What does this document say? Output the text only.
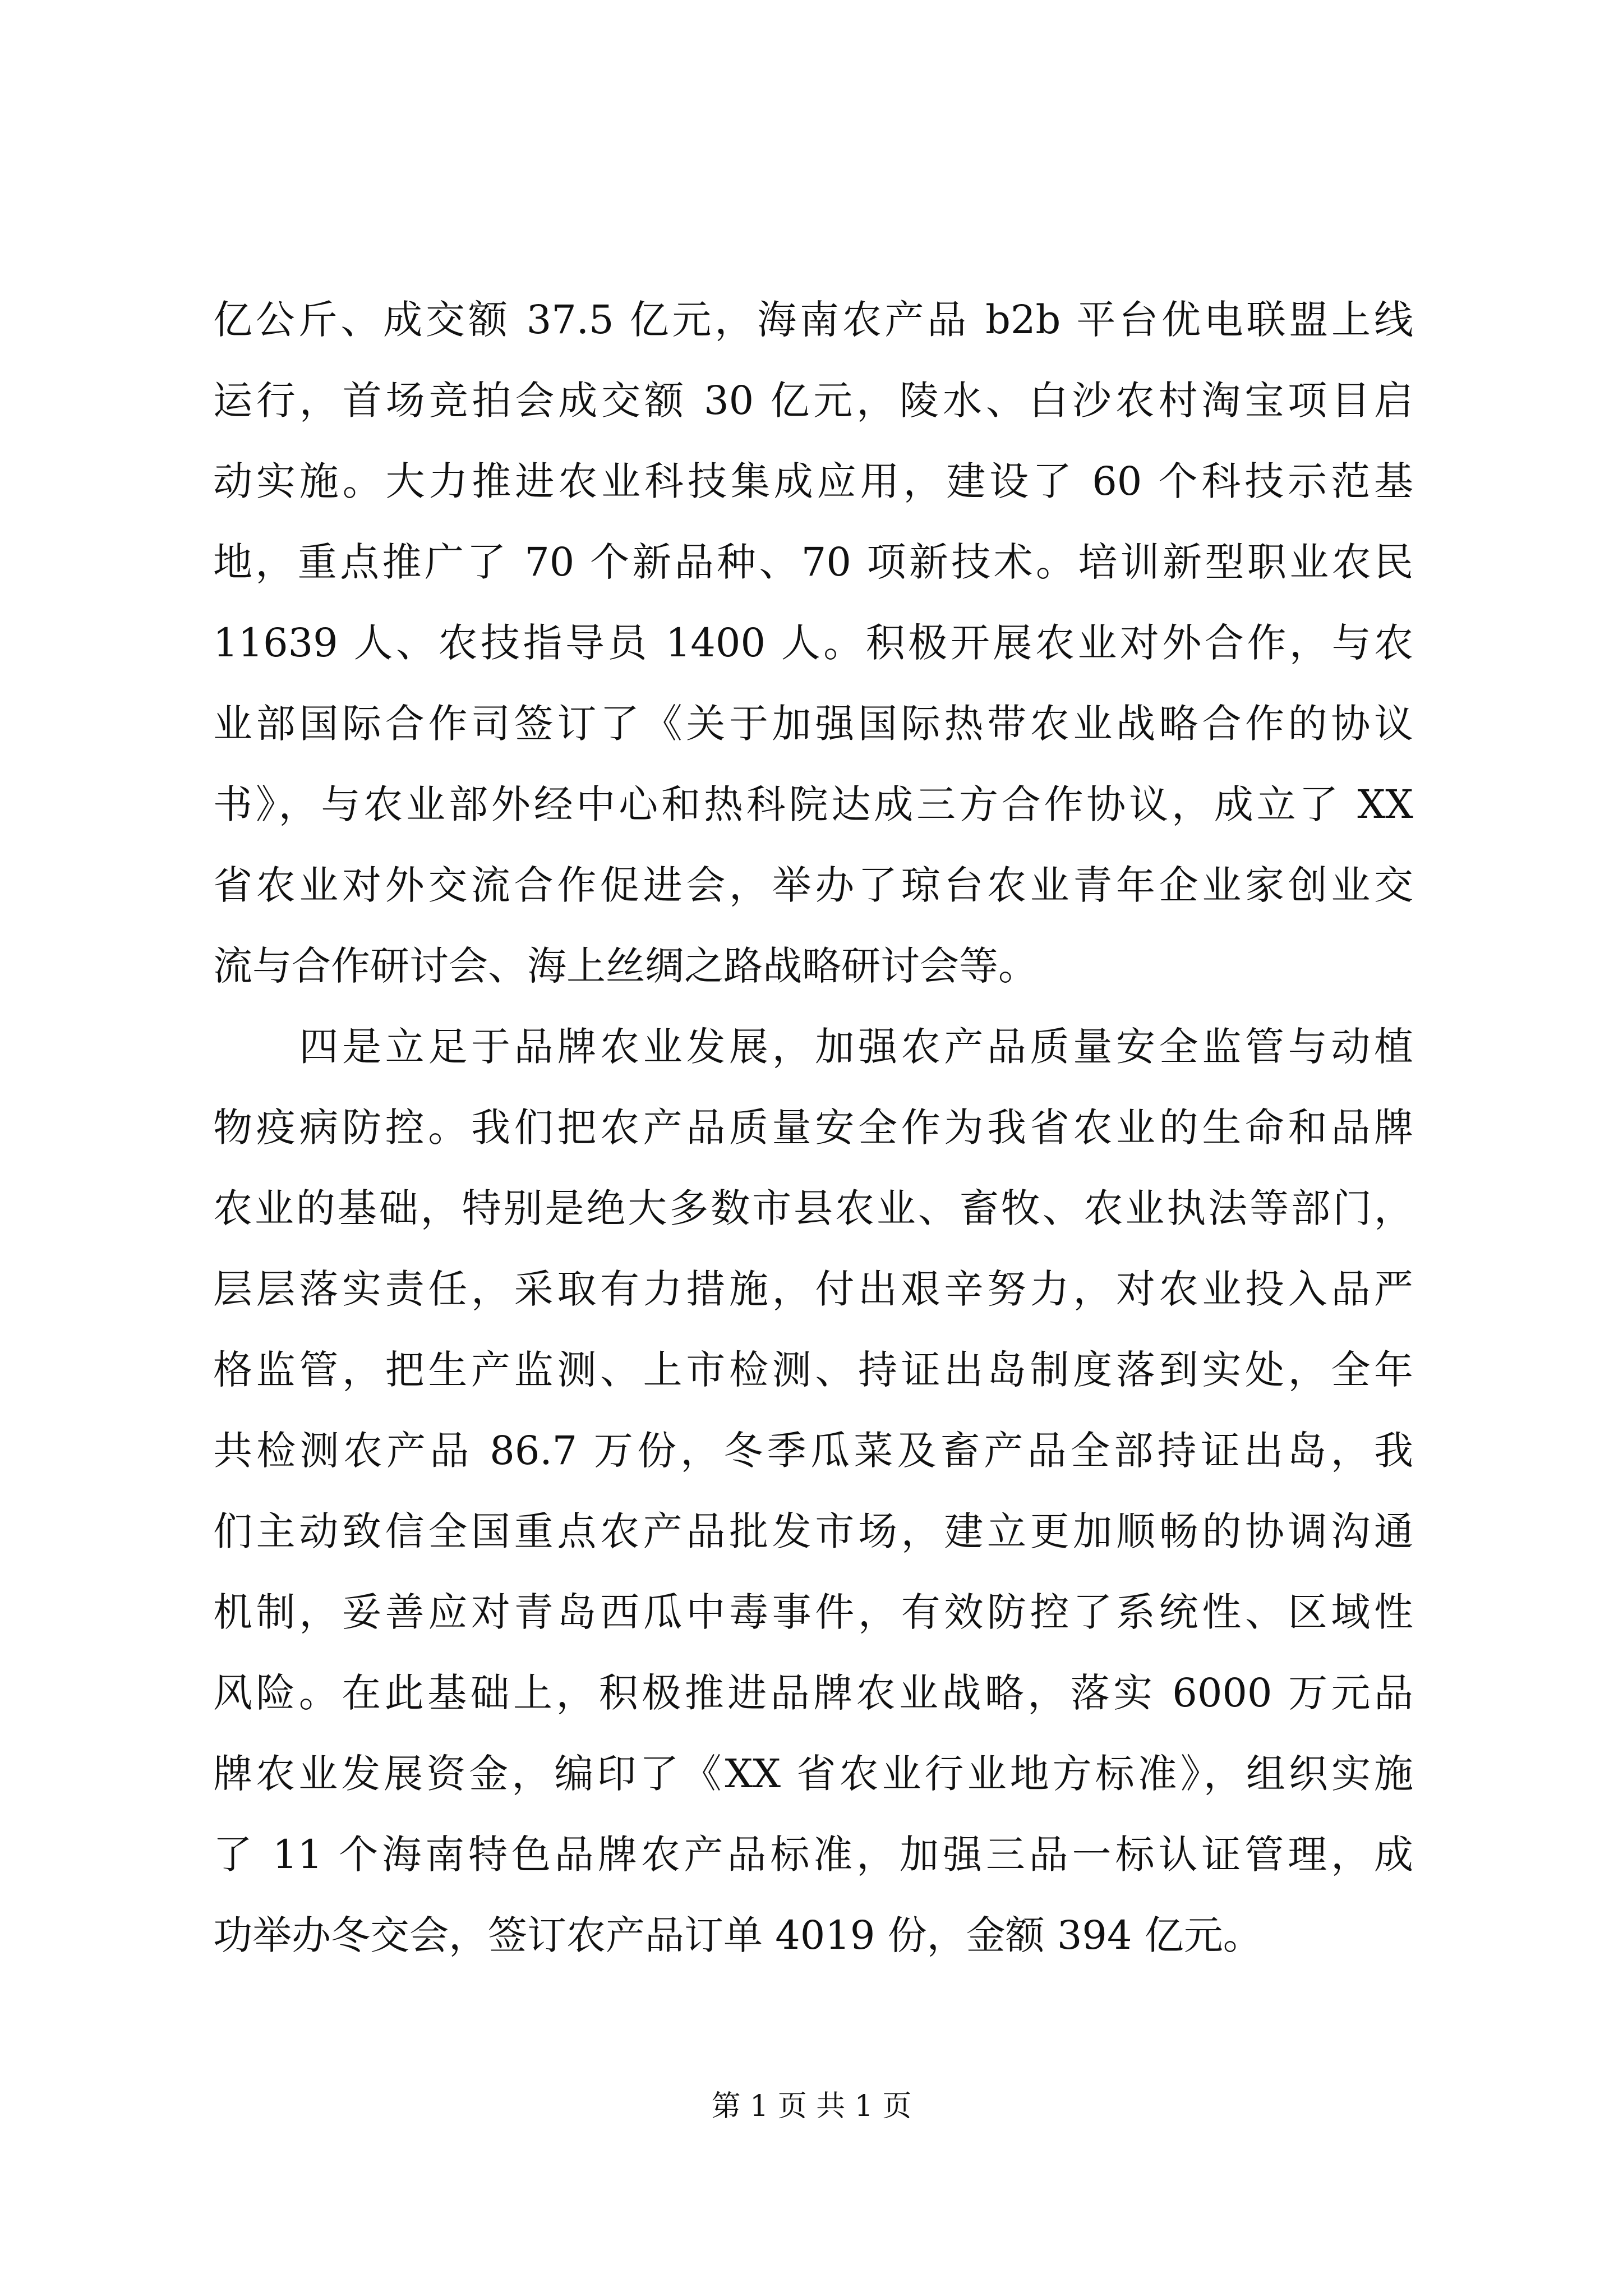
亿公斤、成交额 37.5 亿元，海南农产品 b2b 平台优电联盟上线
运行，首场竞拍会成交额 30 亿元，陵水、白沙农村淘宝项目启
动实施。大力推进农业科技集成应用，建设了 60 个科技示范基
地，重点推广了 70 个新品种、70 项新技术。培训新型职业农民
11639 人、农技指导员 1400 人。积极开展农业对外合作，与农
业部国际合作司签订了《关于加强国际热带农业战略合作的协议
书》，与农业部外经中心和热科院达成三方合作协议，成立了 XX
省农业对外交流合作促进会，举办了琼台农业青年企业家创业交
流与合作研讨会、海上丝绸之路战略研讨会等。
　　四是立足于品牌农业发展，加强农产品质量安全监管与动植
物疫病防控。我们把农产品质量安全作为我省农业的生命和品牌
农业的基础，特别是绝大多数市县农业、畜牧、农业执法等部门，
层层落实责任，采取有力措施，付出艰辛努力，对农业投入品严
格监管，把生产监测、上市检测、持证出岛制度落到实处，全年
共检测农产品 86.7 万份，冬季瓜菜及畜产品全部持证出岛，我
们主动致信全国重点农产品批发市场，建立更加顺畅的协调沟通
机制，妥善应对青岛西瓜中毒事件，有效防控了系统性、区域性
风险。在此基础上，积极推进品牌农业战略，落实 6000 万元品
牌农业发展资金，编印了《XX 省农业行业地方标准》，组织实施
了 11 个海南特色品牌农产品标准，加强三品一标认证管理，成
功举办冬交会，签订农产品订单 4019 份，金额 394 亿元。
第 1 页 共 1 页
